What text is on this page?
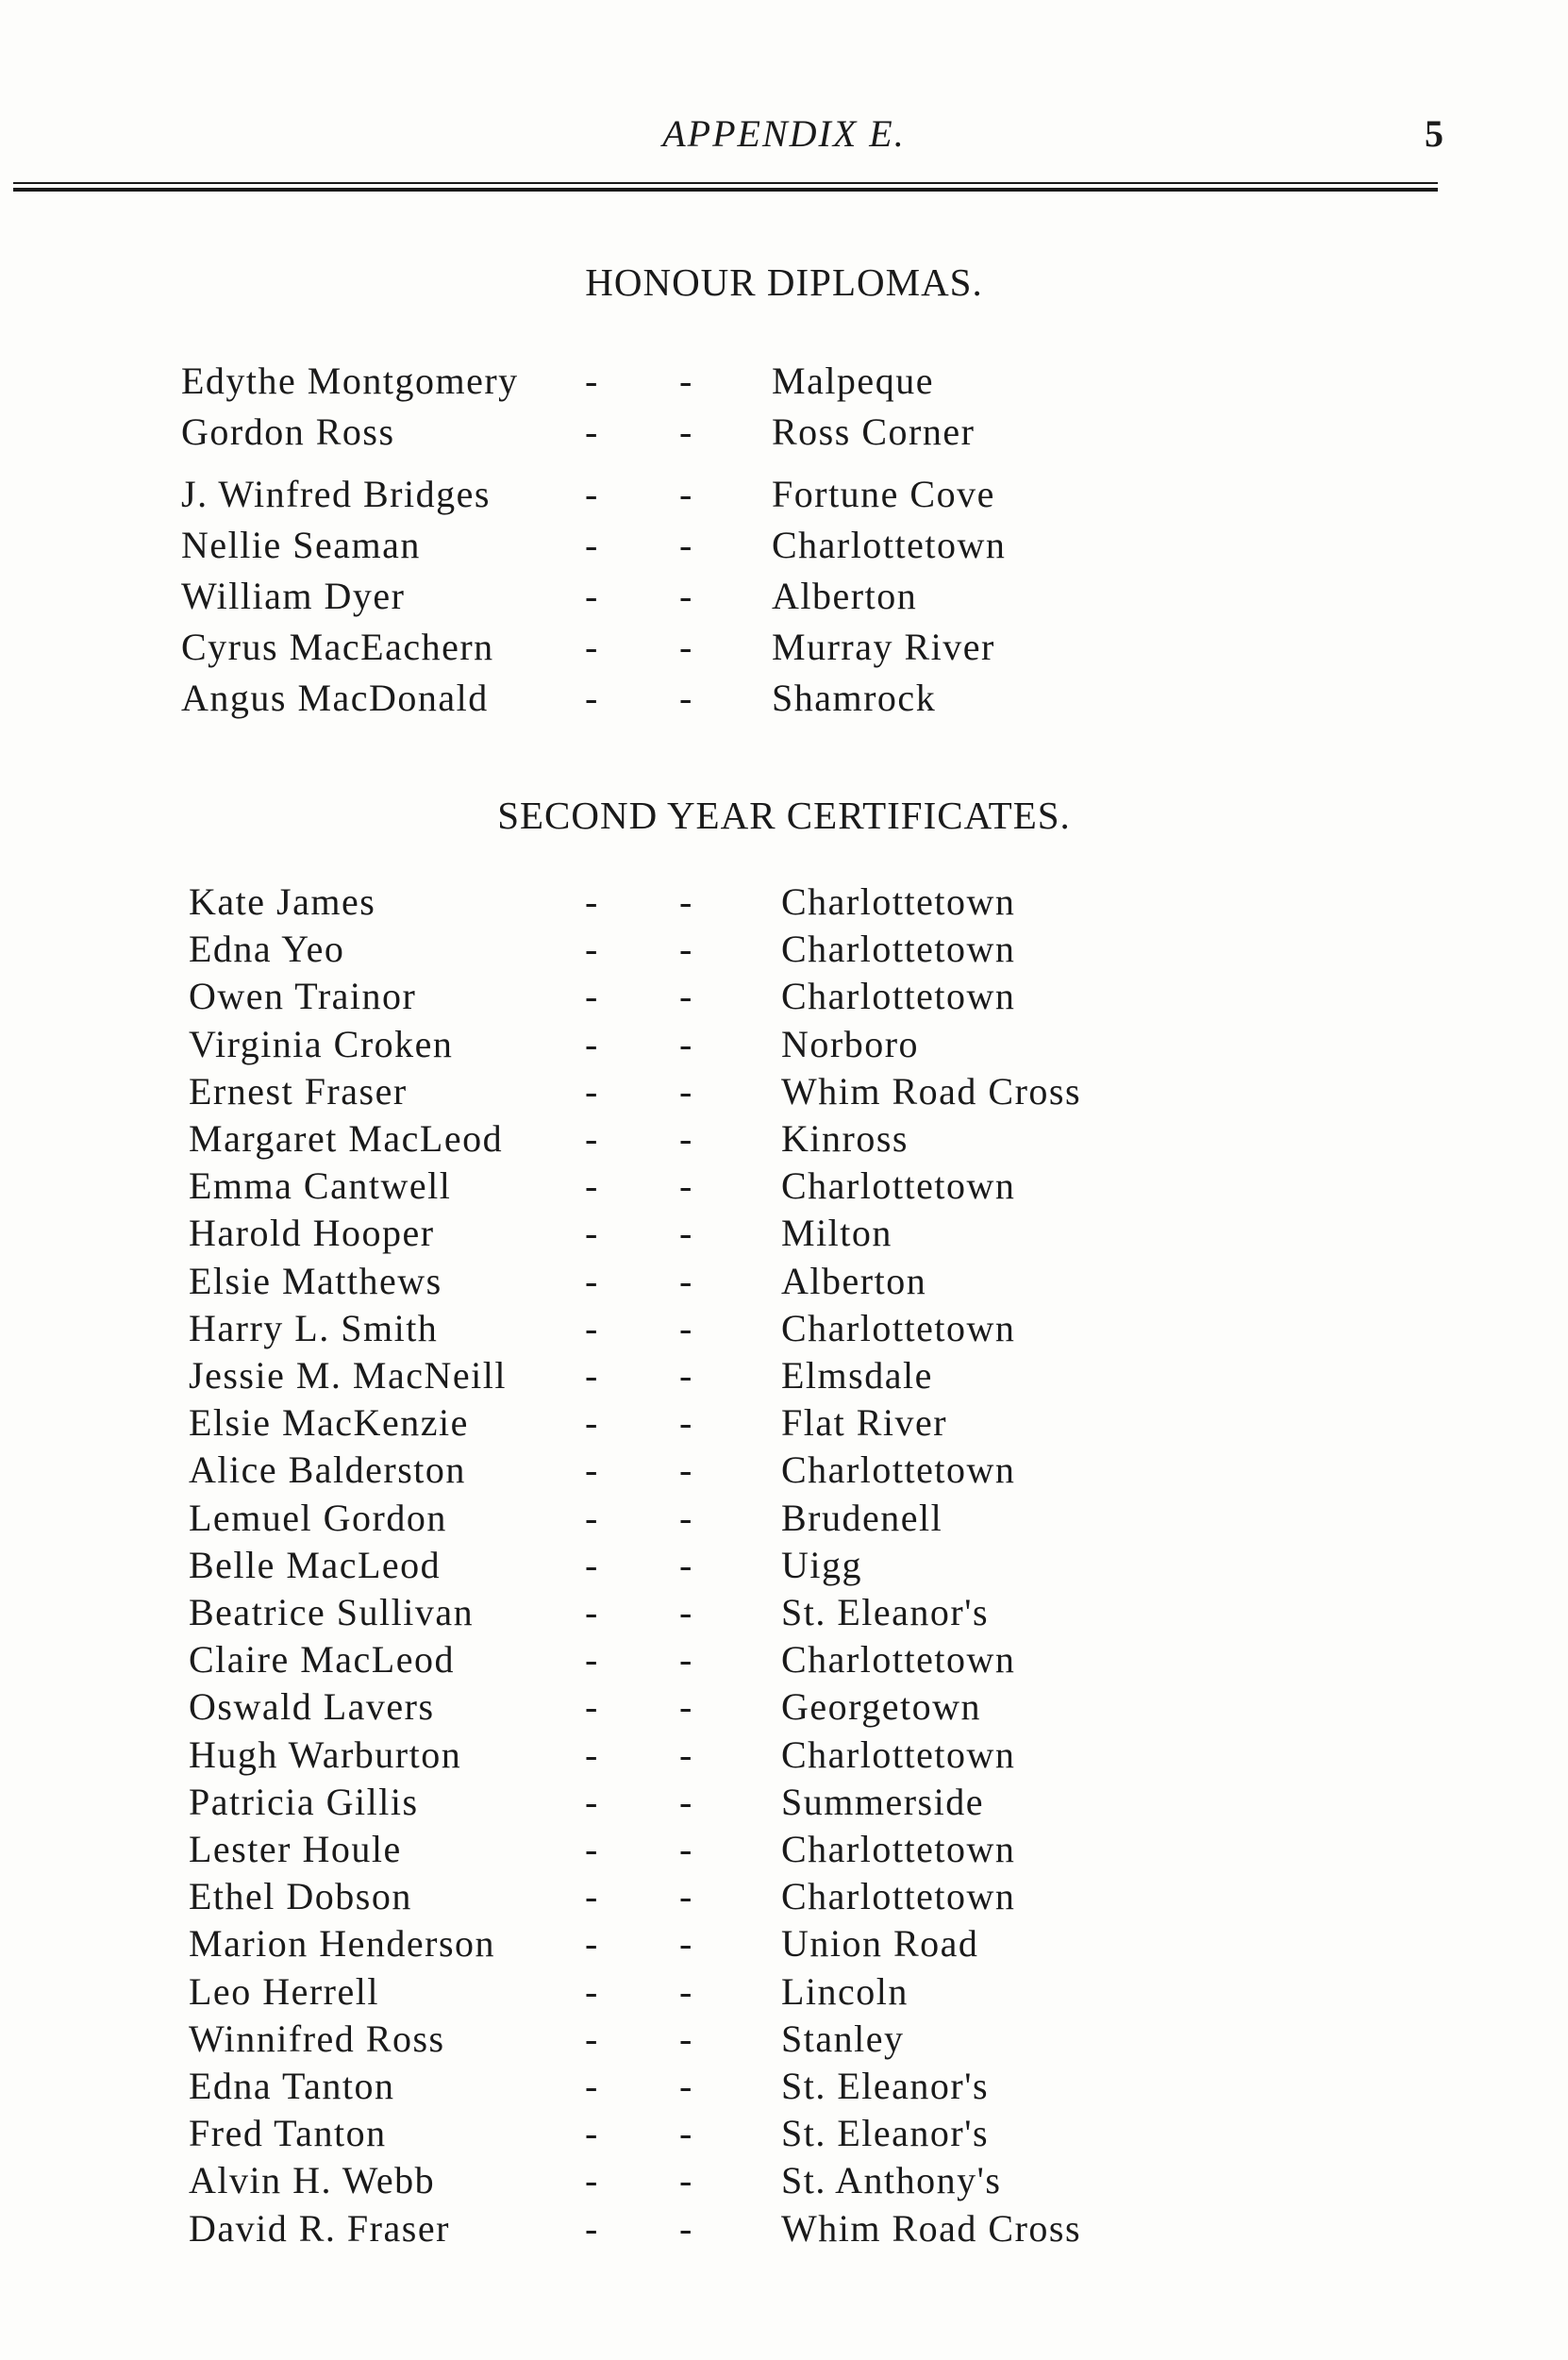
APPENDIX E.	5
HONOUR DIPLOMAS.
SECOND YEAR CERTIFICATES.
Edythe Montgomery - - Malpeque
Gordon Ross	- - Ross Corner
J. Winfred Bridges	- - Fortune Cove
Nellie Seaman	- - Charlottetown
William Dyer	- - Alberton
Cyrus MacEachern - - Murray River
Angus MacDonald	- - Shamrock
Kate James	- - Charlottetown
Edna Yeo	- - Charlottetown
Owen Trainor	- - Charlottetown
Virginia Croken	- - Norboro
Ernest Fraser	- - Whim Road Cross
Margaret MacLeod - - Kinross
Emma Cantwell	- - Charlottetown
Harold Hooper	- - Milton
Elsie Matthews	- - Alberton
Harry L. Smith	- - Charlottetown
Jessie M. MacNeill - - Elmsdale
Elsie MacKenzie	- - Flat River
Alice Balderston	- - Charlottetown
Lemuel Gordon	- - Brudenell
Belle MacLeod	- - Uigg
Beatrice Sullivan	- - St. Eleanor's
Claire MacLeod	- - Charlottetown
Oswald Lavers	- - Georgetown
Hugh Warburton	- - Charlottetown
Patricia Gillis	- - Summerside
Lester Houle	- - Charlottetown
Ethel Dobson	- - Charlottetown
Marion Henderson - - Union Road
Leo Herrell	- - Lincoln
Winnifred Ross	- - Stanley
Edna Tanton	- - St. Eleanor's
Fred Tanton	- - St. Eleanor's
Alvin H. Webb	- - St. Anthony's
David R. Fraser	- - Whim Road Cross
